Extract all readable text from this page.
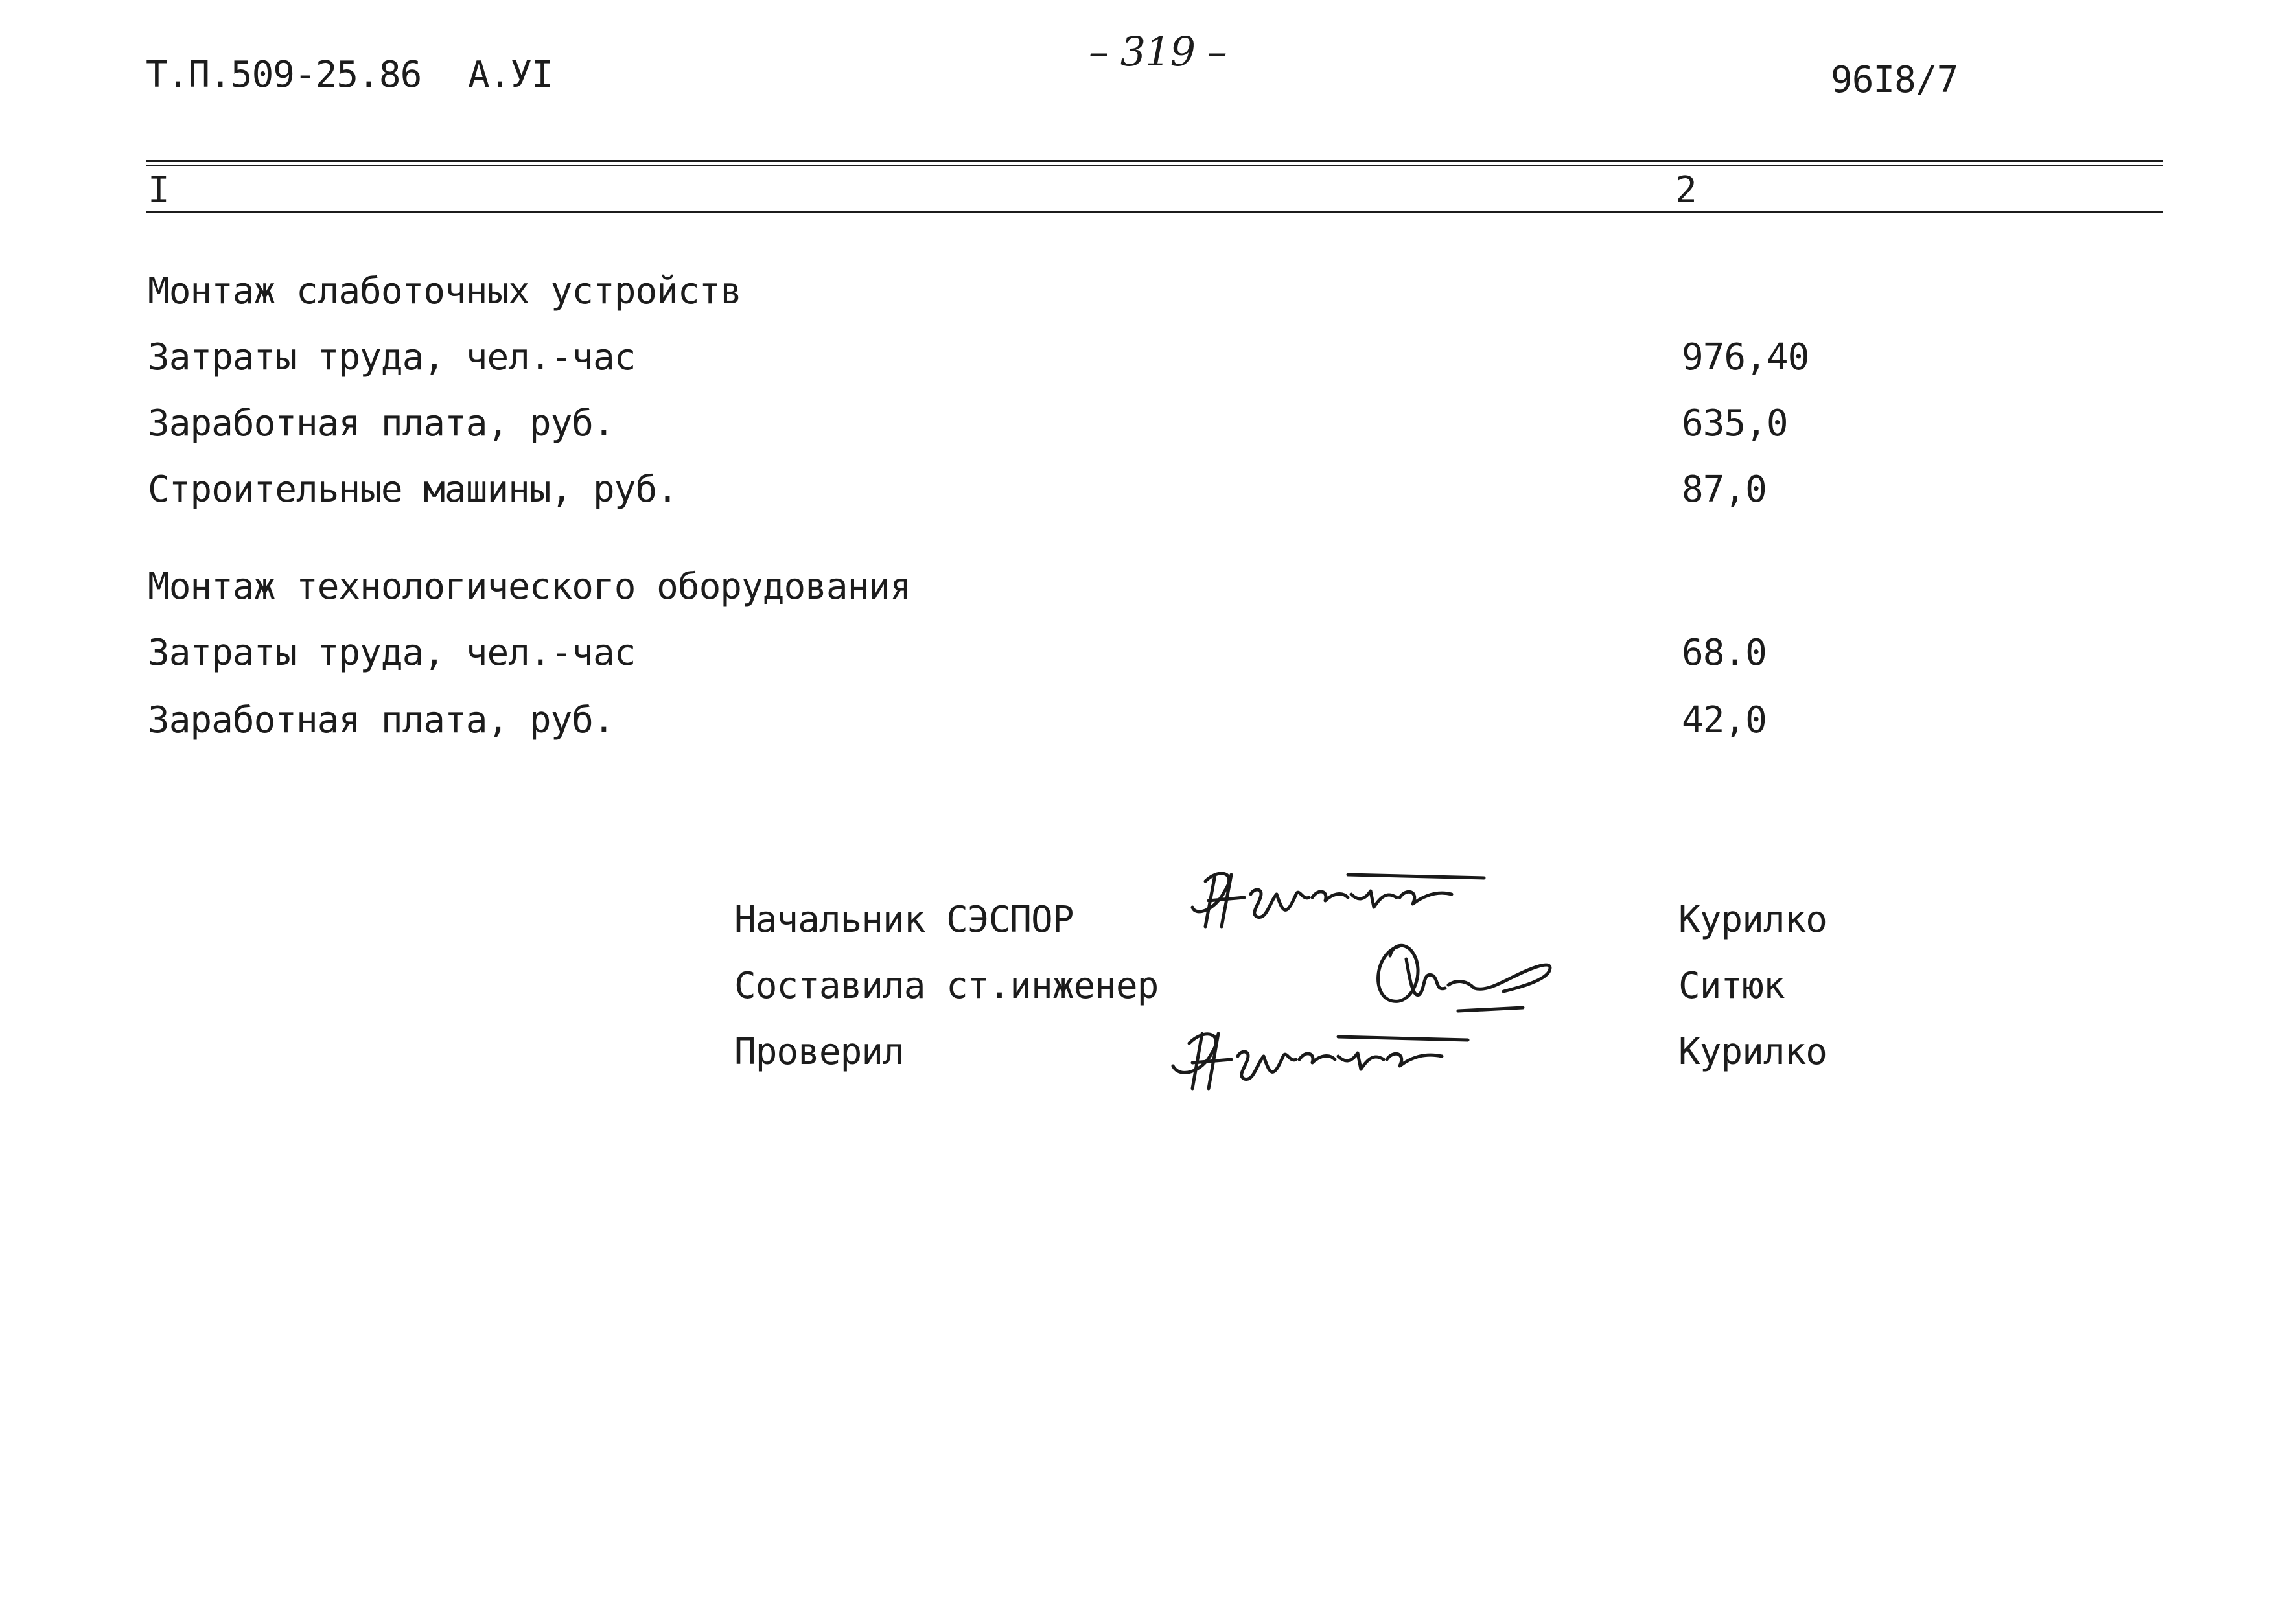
Т.П.509-25.86 А.УI	– 319 –
96I8/7
I	2
Монтаж слаботочных устройств
Затраты труда, чел.-час	976,40
Заработная плата, руб.	635,0
Строительные машины, руб.	87,0
Монтаж технологического оборудования
Затраты труда, чел.-час	68.0
Заработная плата, руб.	42,0
Начальник СЭСПОР	Курилко
Составила ст.инженер	Ситюк
Проверил	Курилко
